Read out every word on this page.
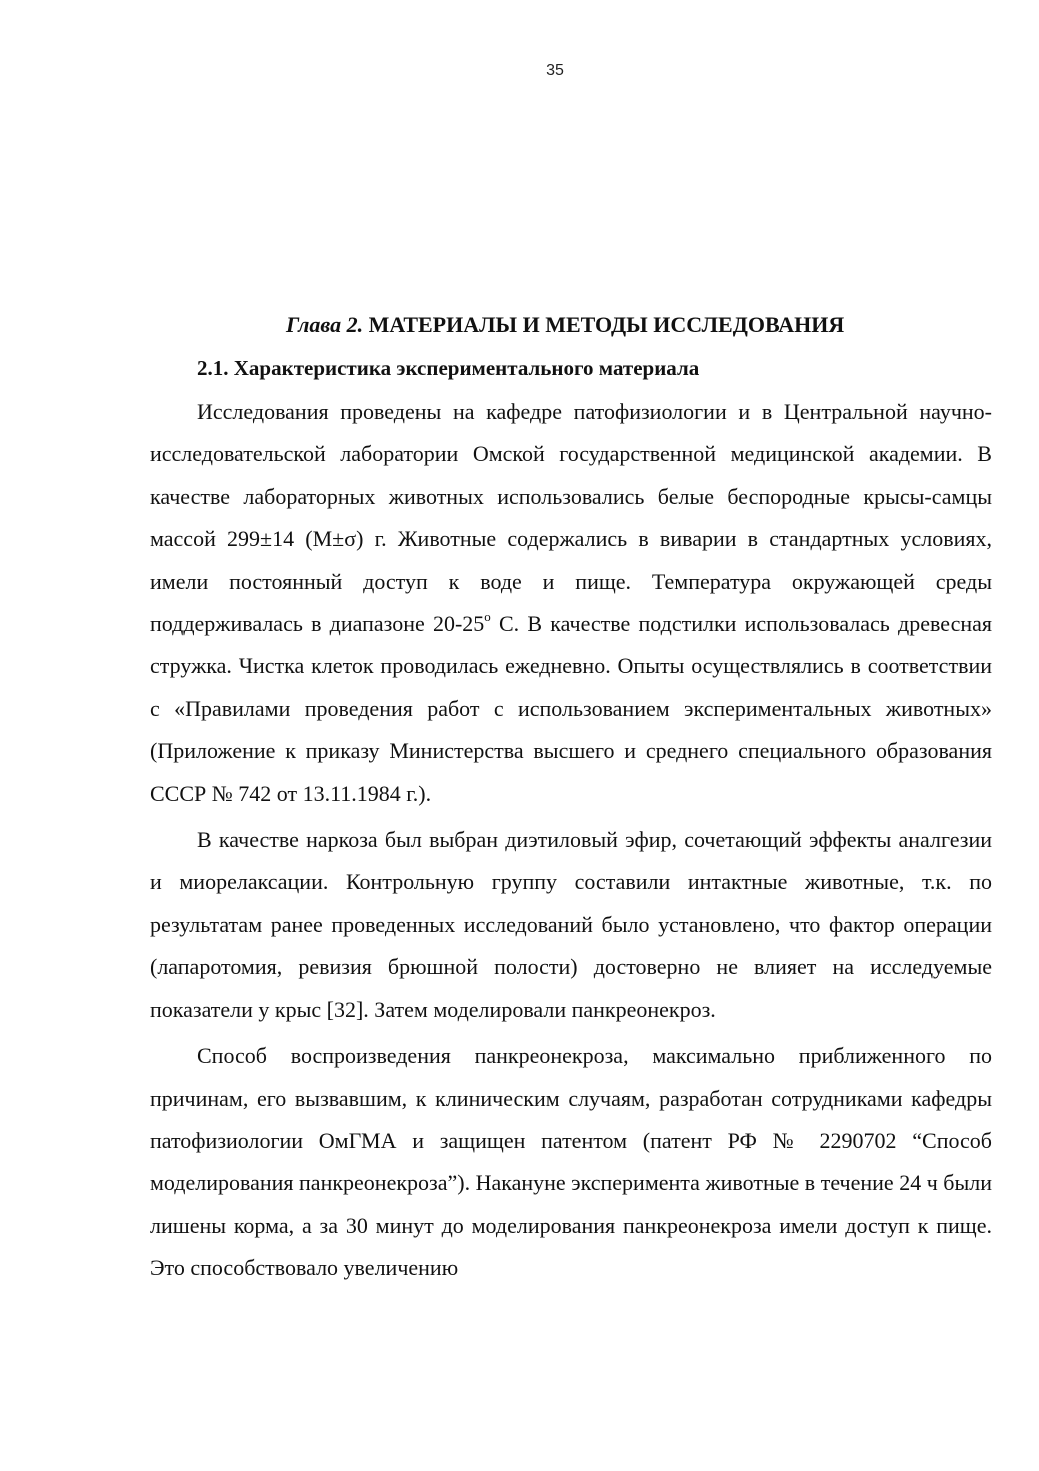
35
Глава 2. МАТЕРИАЛЫ И МЕТОДЫ ИССЛЕДОВАНИЯ
2.1. Характеристика экспериментального материала

Исследования проведены на кафедре патофизиологии и в Центральной научно-исследовательской лаборатории Омской государственной медицинской академии. В качестве лабораторных животных использовались белые беспородные крысы-самцы массой 299±14 (M±σ) г. Животные содержались в виварии в стандартных условиях, имели постоянный доступ к воде и пище. Температура окружающей среды поддерживалась в диапазоне 20-25$^o$ С. В качестве подстилки использовалась древесная стружка. Чистка клеток проводилась ежедневно. Опыты осуществлялись в соответствии с «Правилами проведения работ с использованием экспериментальных животных» (Приложение к приказу Министерства высшего и среднего специального образования СССР № 742 от 13.11.1984 г.).

В качестве наркоза был выбран диэтиловый эфир, сочетающий эффекты аналгезии и миорелаксации. Контрольную группу составили интактные животные, т.к. по результатам ранее проведенных исследований было установлено, что фактор операции (лапаротомия, ревизия брюшной полости) достоверно не влияет на исследуемые показатели у крыс [32]. Затем моделировали панкреонекроз.

Способ воспроизведения панкреонекроза, максимально приближенного по причинам, его вызвавшим, к клиническим случаям, разработан сотрудниками кафедры патофизиологии ОмГМА и защищен патентом (патент РФ № 2290702 “Способ моделирования панкреонекроза”). Накануне эксперимента животные в течение 24 ч были лишены корма, а за 30 минут до моделирования панкреонекроза имели доступ к пище. Это способствовало увеличению
